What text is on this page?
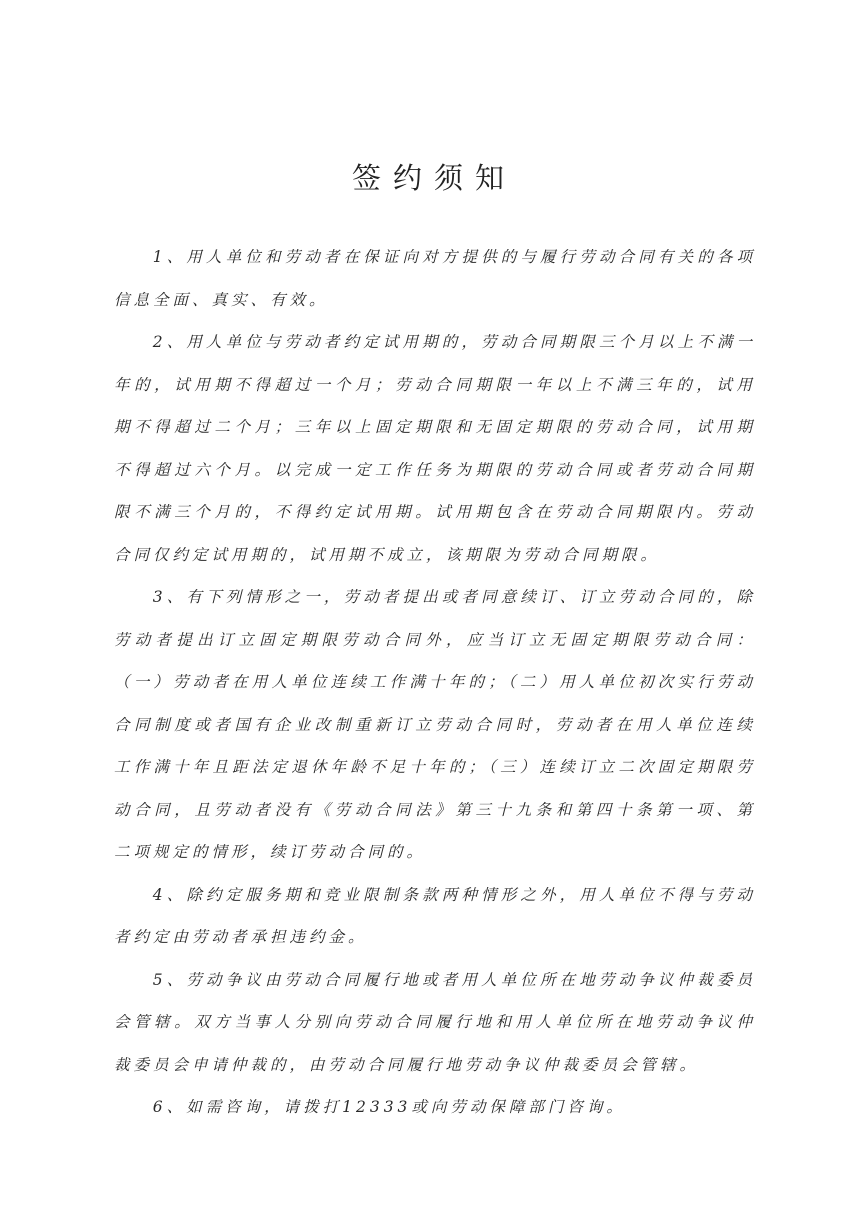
签约须知

1、用人单位和劳动者在保证向对方提供的与履行劳动合同有关的各项信息全面、真实、有效。

2、用人单位与劳动者约定试用期的，劳动合同期限三个月以上不满一年的，试用期不得超过一个月；劳动合同期限一年以上不满三年的，试用期不得超过二个月；三年以上固定期限和无固定期限的劳动合同，试用期不得超过六个月。以完成一定工作任务为期限的劳动合同或者劳动合同期限不满三个月的，不得约定试用期。试用期包含在劳动合同期限内。劳动合同仅约定试用期的，试用期不成立，该期限为劳动合同期限。

3、有下列情形之一，劳动者提出或者同意续订、订立劳动合同的，除劳动者提出订立固定期限劳动合同外，应当订立无固定期限劳动合同：（一）劳动者在用人单位连续工作满十年的；（二）用人单位初次实行劳动合同制度或者国有企业改制重新订立劳动合同时，劳动者在用人单位连续工作满十年且距法定退休年龄不足十年的；（三）连续订立二次固定期限劳动合同，且劳动者没有《劳动合同法》第三十九条和第四十条第一项、第二项规定的情形，续订劳动合同的。

4、除约定服务期和竞业限制条款两种情形之外，用人单位不得与劳动者约定由劳动者承担违约金。

5、劳动争议由劳动合同履行地或者用人单位所在地劳动争议仲裁委员会管辖。双方当事人分别向劳动合同履行地和用人单位所在地劳动争议仲裁委员会申请仲裁的，由劳动合同履行地劳动争议仲裁委员会管辖。

6、如需咨询，请拨打12333或向劳动保障部门咨询。
